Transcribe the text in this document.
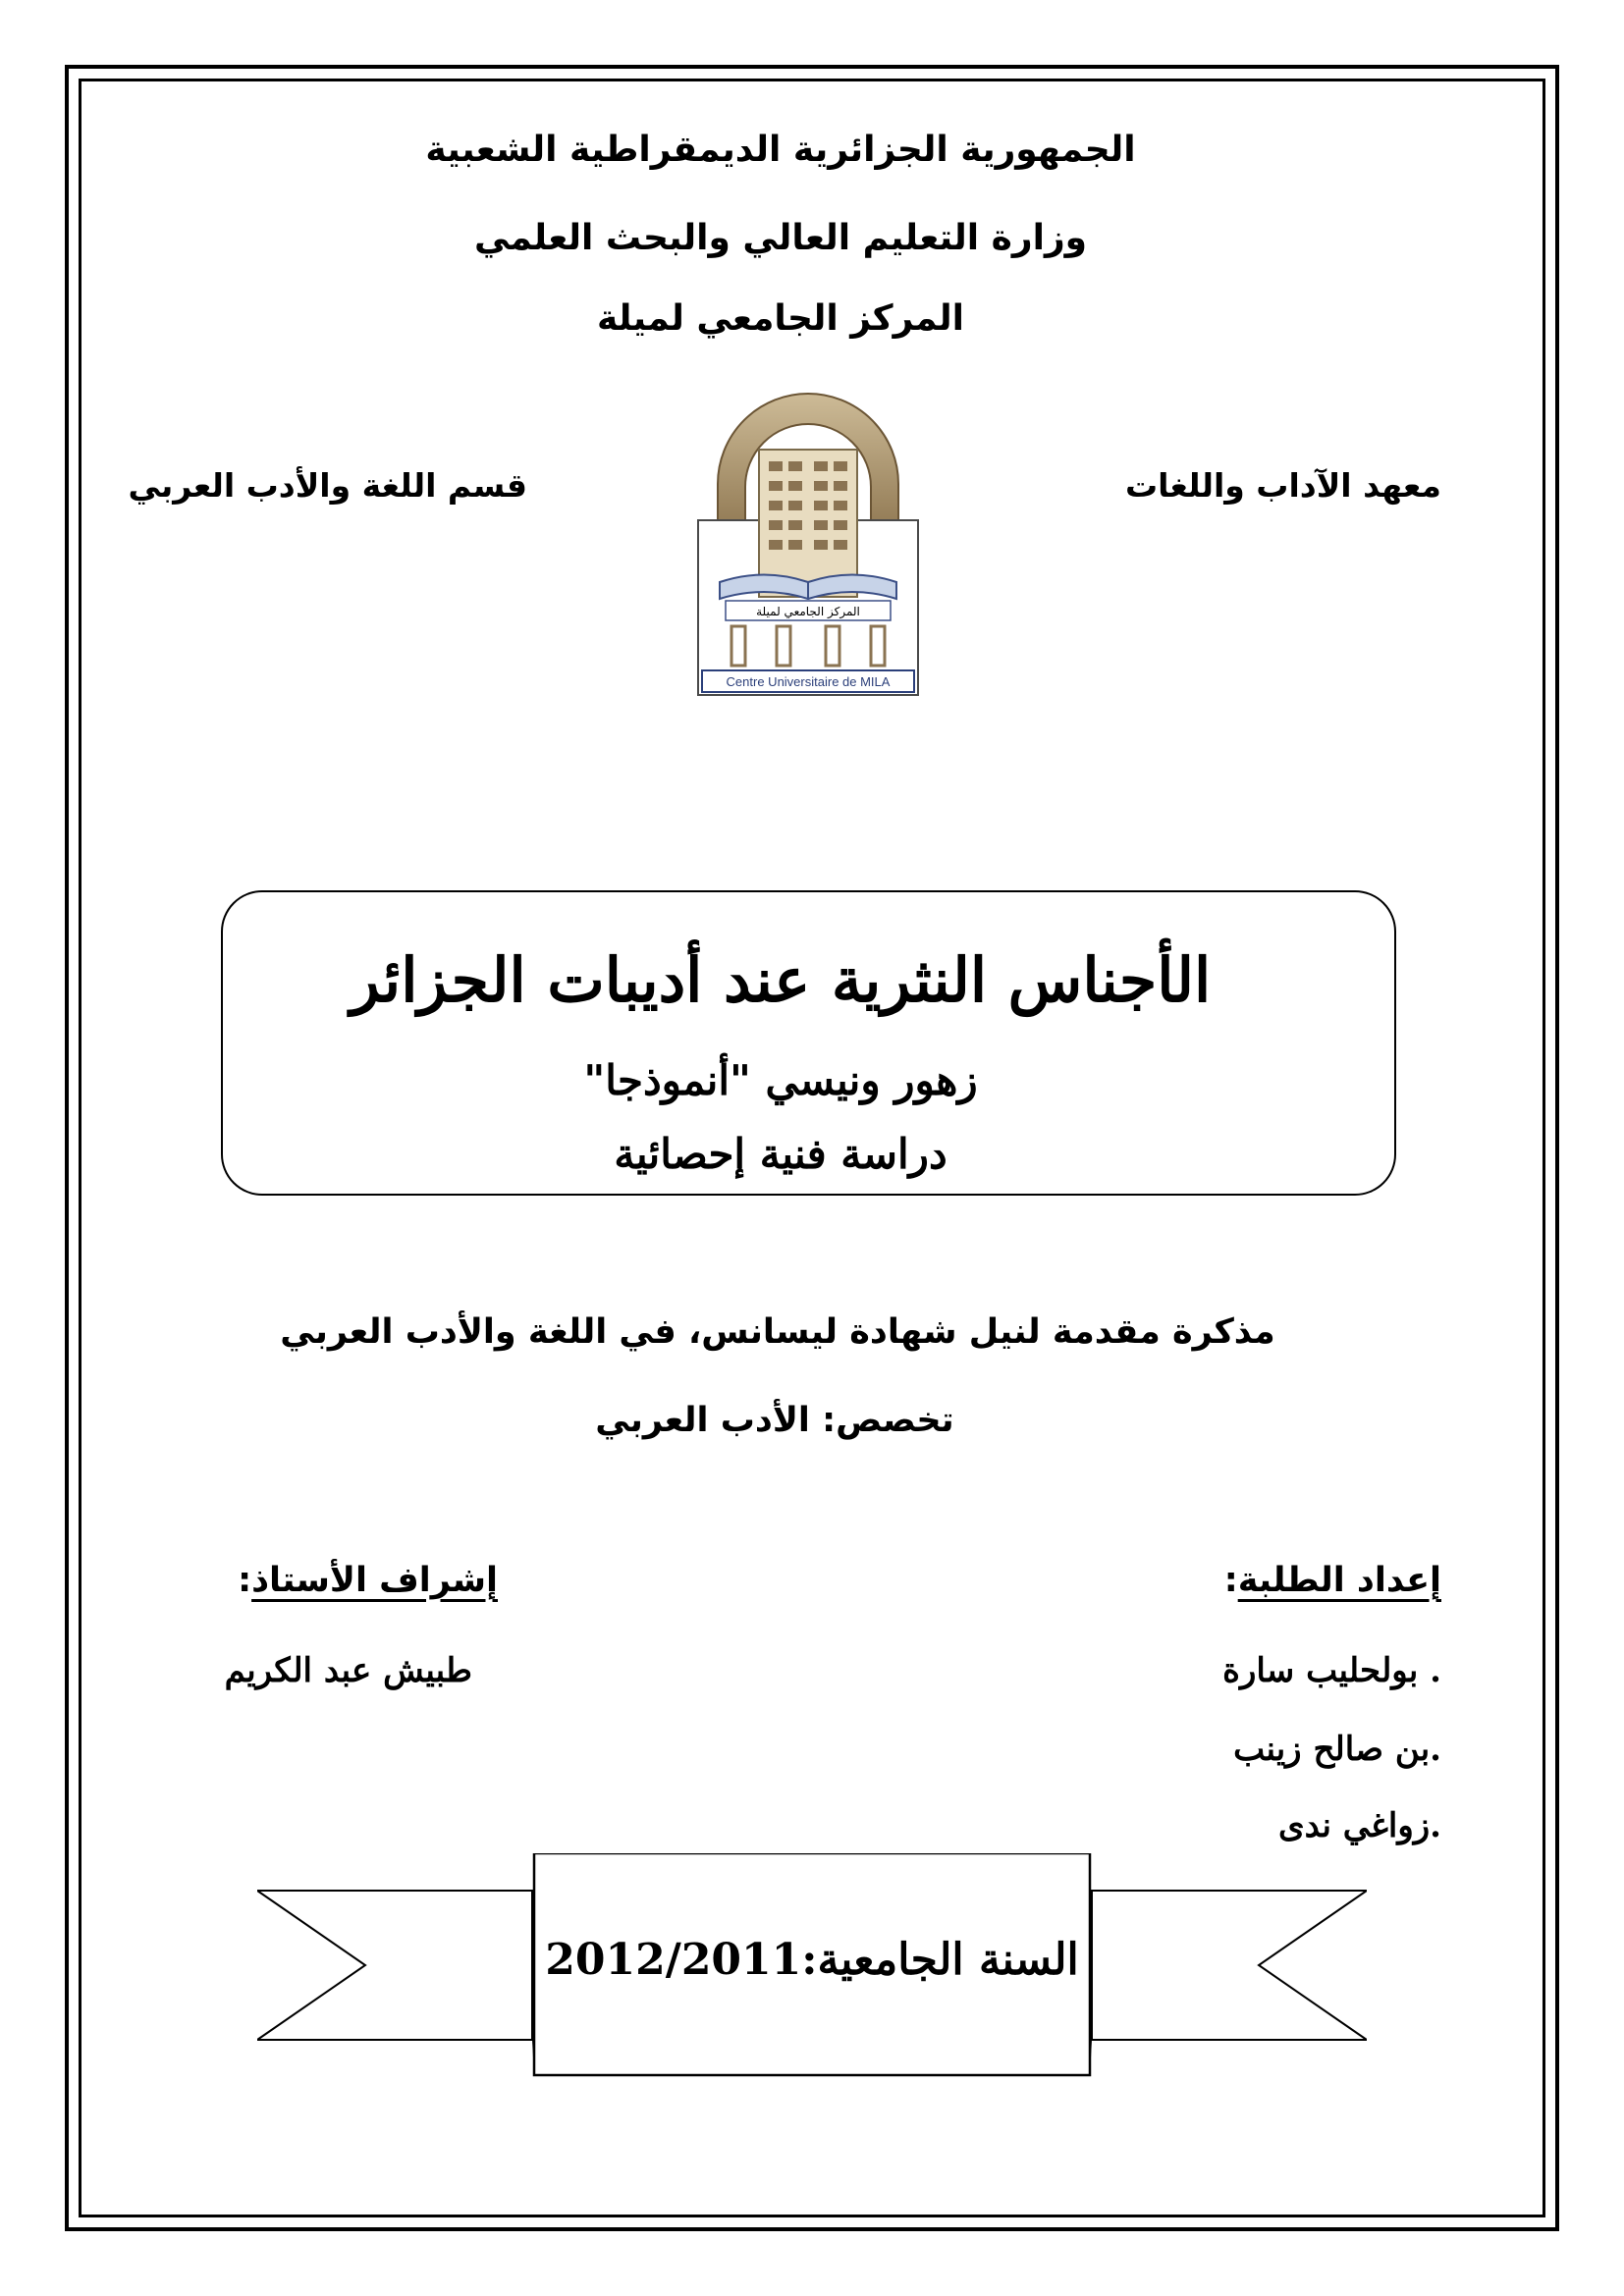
الجمهورية الجزائرية الديمقراطية الشعبية
وزارة التعليم العالي والبحث العلمي
المركز الجامعي لميلة
معهد الآداب واللغات
قسم اللغة والأدب العربي
المركز الجامعي لميلة
Centre Universitaire de MILA
الأجناس النثرية عند أديبات الجزائر
زهور ونيسي "أنموذجا"
دراسة فنية إحصائية
مذكرة مقدمة لنيل شهادة ليسانس، في اللغة والأدب العربي
تخصص: الأدب العربي
إعداد الطلبة:
. بولحليب سارة
.بن صالح زينب
.زواغي ندى
إشراف الأستاذ:
طبيش عبد الكريم
السنة الجامعية:2012/2011
